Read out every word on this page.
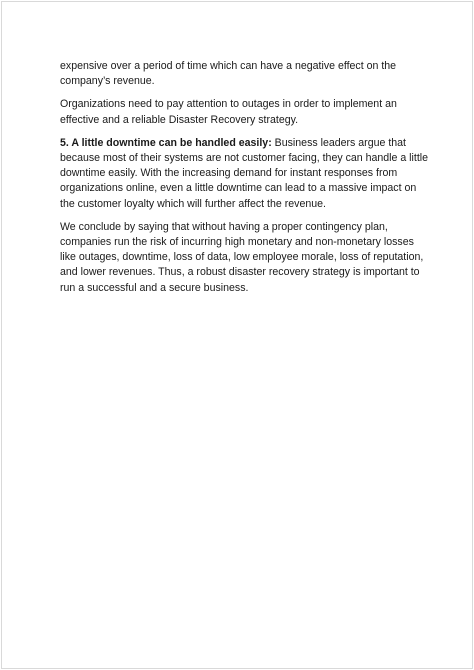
expensive over a period of time which can have a negative effect on the
company’s revenue.

Organizations need to pay attention to outages in order to implement an
effective and a reliable Disaster Recovery strategy.

5. A little downtime can be handled easily: Business leaders argue that
because most of their systems are not customer facing, they can handle a little
downtime easily. With the increasing demand for instant responses from
organizations online, even a little downtime can lead to a massive impact on
the customer loyalty which will further affect the revenue.

We conclude by saying that without having a proper contingency plan,
companies run the risk of incurring high monetary and non-monetary losses
like outages, downtime, loss of data, low employee morale, loss of reputation,
and lower revenues. Thus, a robust disaster recovery strategy is important to
run a successful and a secure business.
